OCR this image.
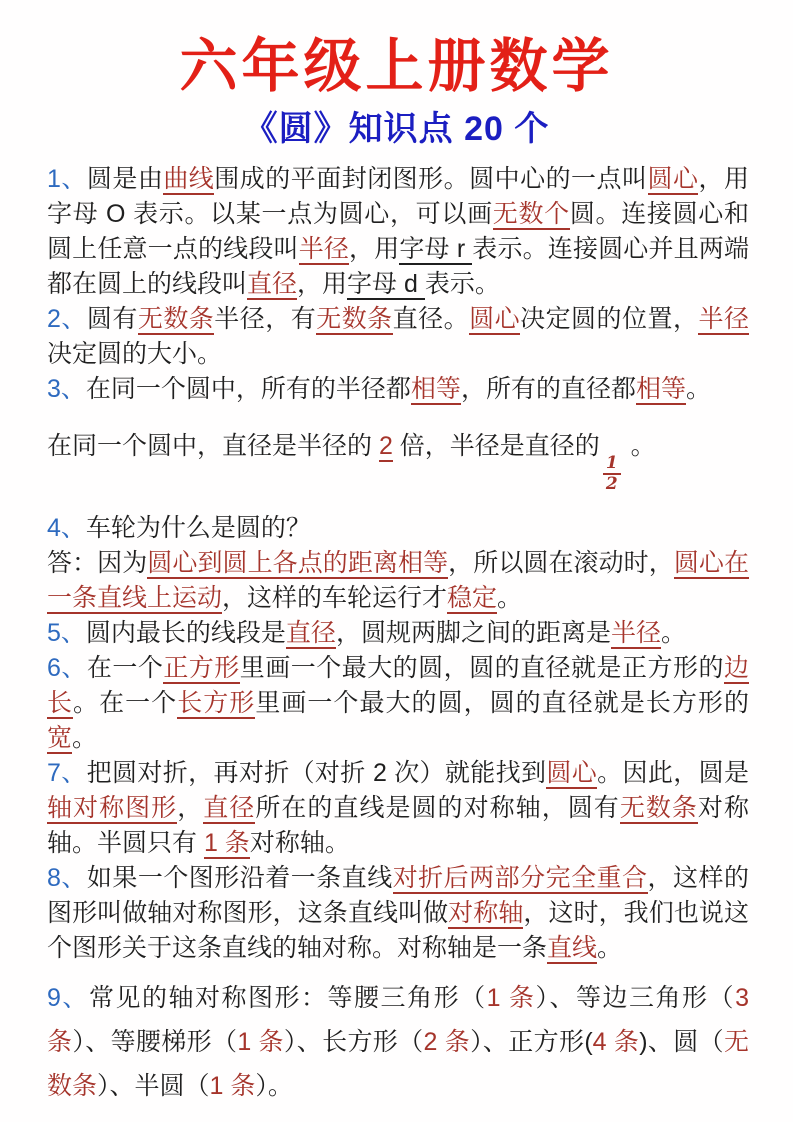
六年级上册数学
《圆》知识点 20 个

1、圆是由曲线围成的平面封闭图形。圆中心的一点叫圆心，用字母 O 表示。以某一点为圆心，可以画无数个圆。连接圆心和圆上任意一点的线段叫半径，用字母 r 表示。连接圆心并且两端都在圆上的线段叫直径，用字母 d 表示。

2、圆有无数条半径，有无数条直径。圆心决定圆的位置，半径决定圆的大小。

3、在同一个圆中，所有的半径都相等，所有的直径都相等。

在同一个圆中，直径是半径的 2 倍，半径是直径的
$\frac{1}{2}$
。

4、车轮为什么是圆的？

答：因为圆心到圆上各点的距离相等，所以圆在滚动时，圆心在一条直线上运动，这样的车轮运行才稳定。

5、圆内最长的线段是直径，圆规两脚之间的距离是半径。

6、在一个正方形里画一个最大的圆，圆的直径就是正方形的边长。在一个长方形里画一个最大的圆，圆的直径就是长方形的宽。

7、把圆对折，再对折（对折 2 次）就能找到圆心。因此，圆是轴对称图形，直径所在的直线是圆的对称轴，圆有无数条对称轴。半圆只有 1 条对称轴。

8、如果一个图形沿着一条直线对折后两部分完全重合，这样的图形叫做轴对称图形，这条直线叫做对称轴，这时，我们也说这个图形关于这条直线的轴对称。对称轴是一条直线。

9、常见的轴对称图形：等腰三角形（1 条）、等边三角形（3 条）、等腰梯形（1 条）、长方形（2 条）、正方形(4 条)、圆（无数条）、半圆（1 条）。
